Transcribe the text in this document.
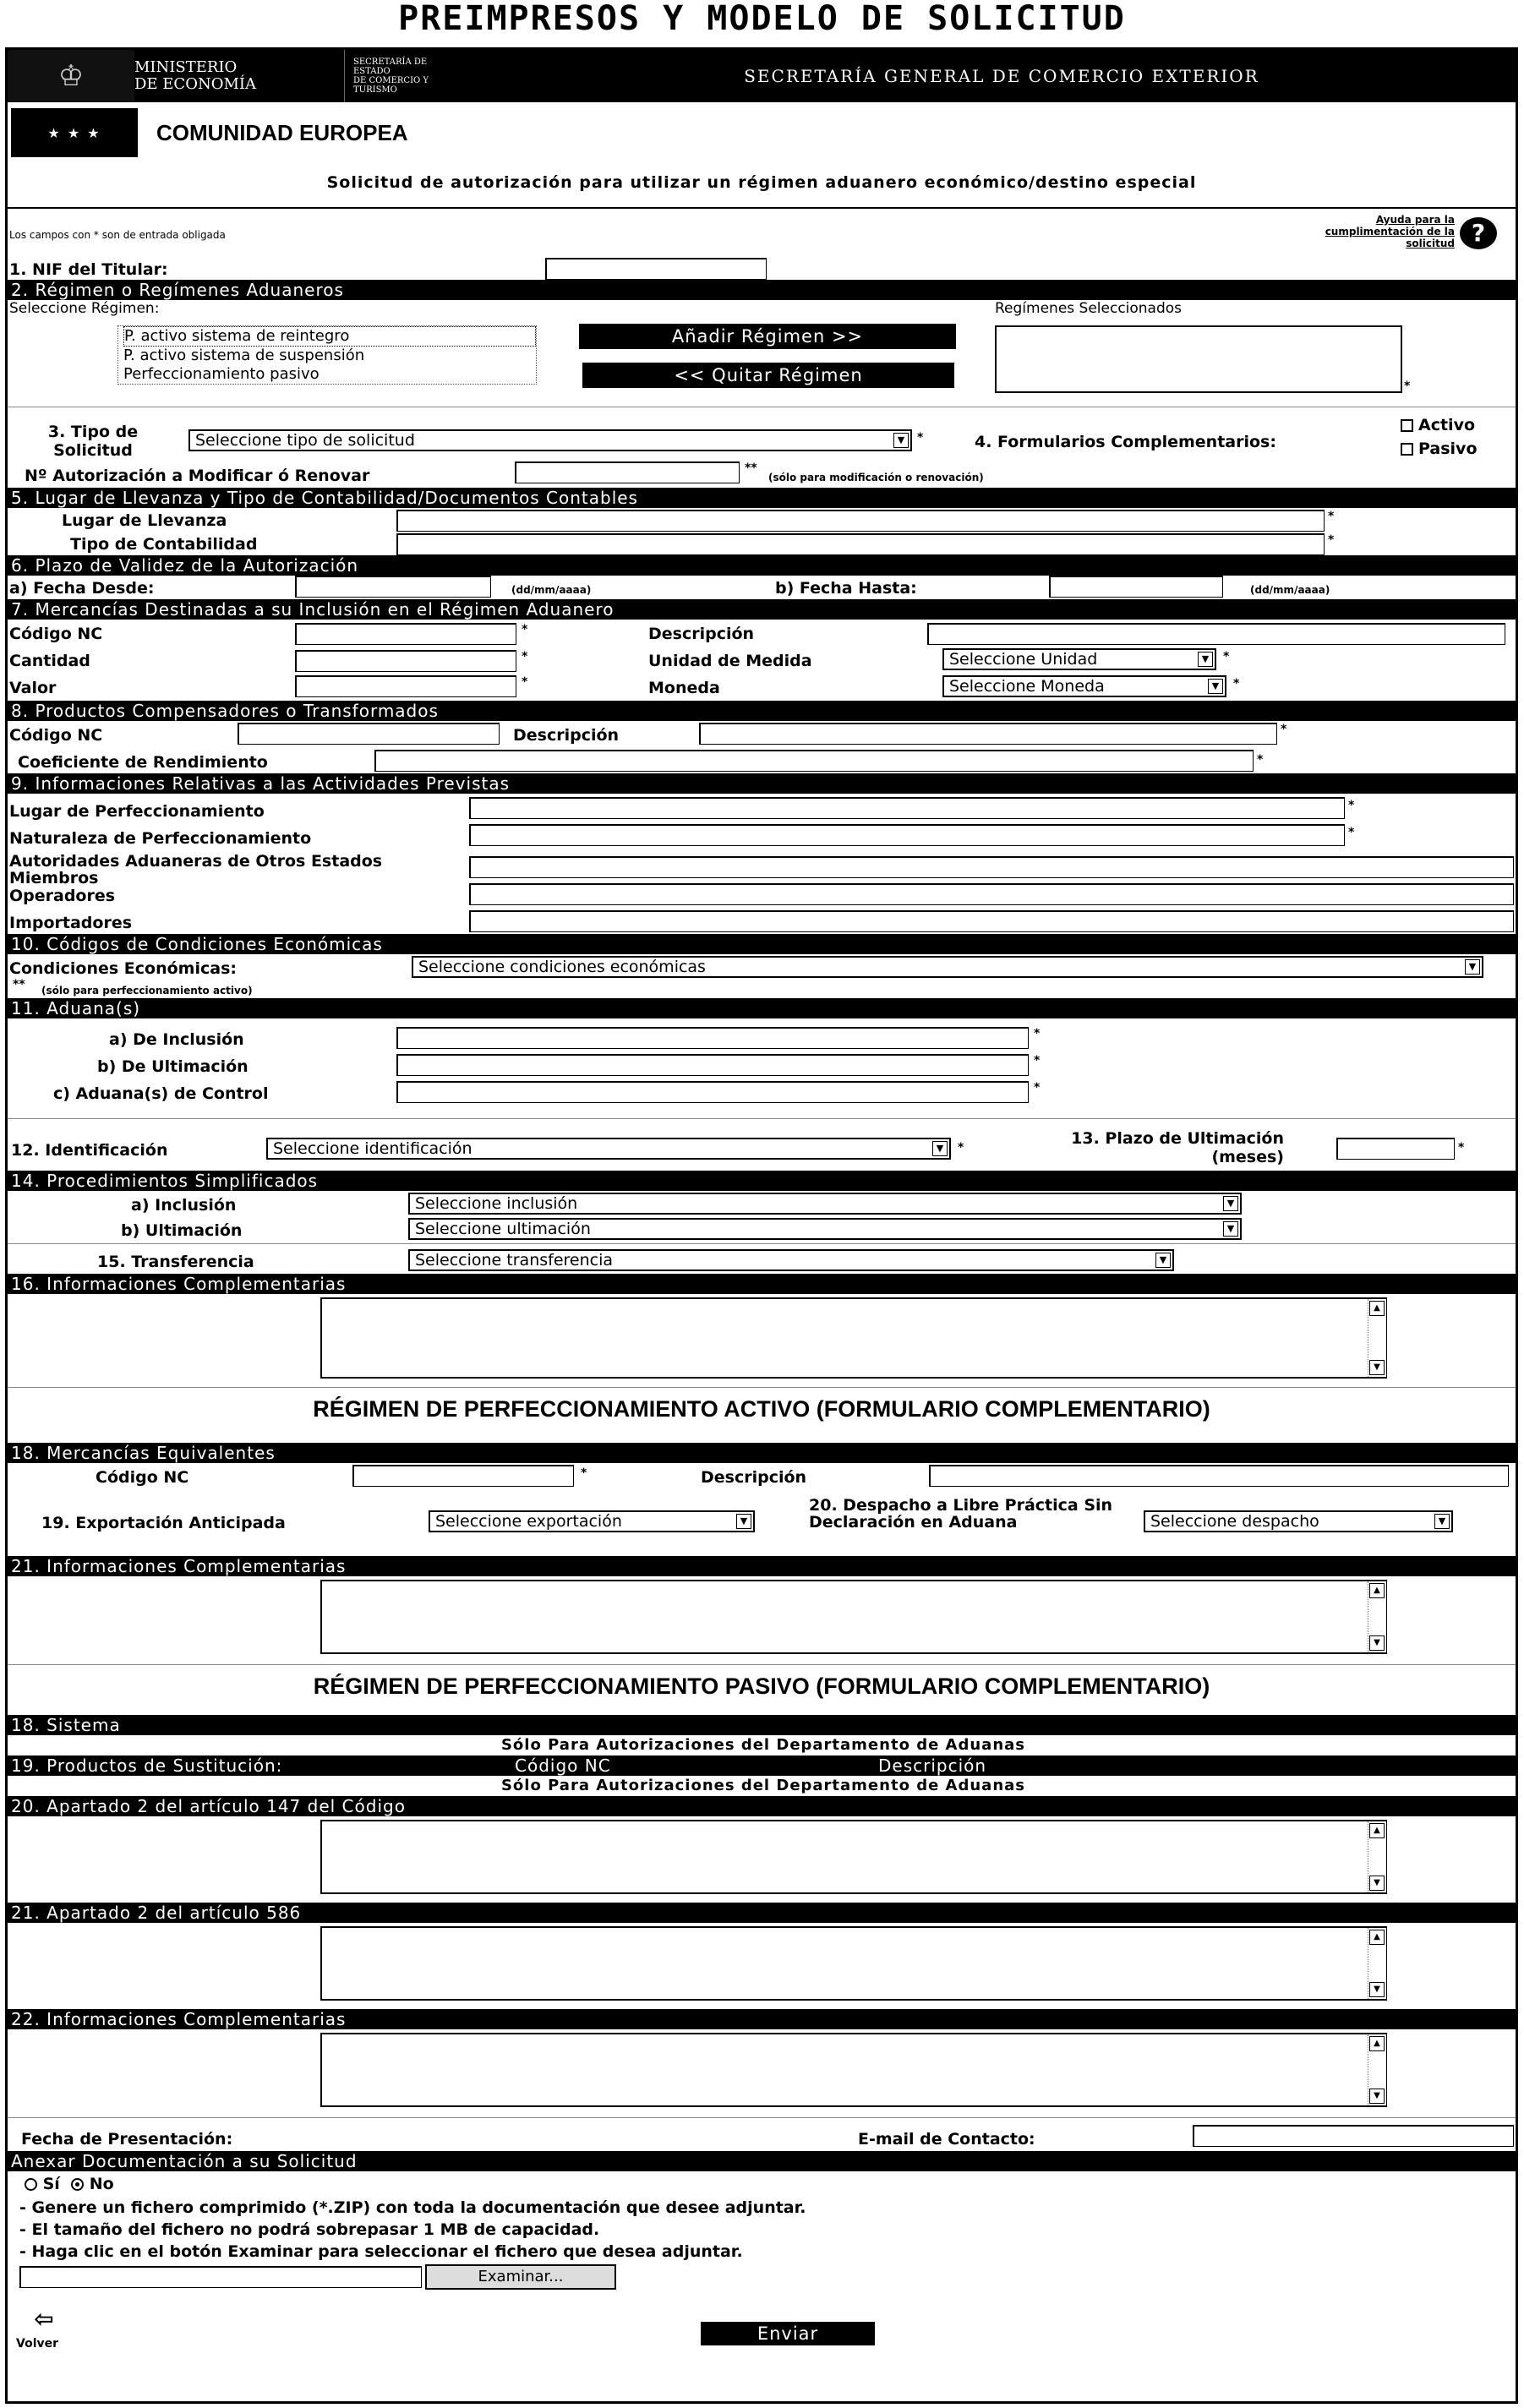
PREIMPRESOS Y MODELO DE SOLICITUD
♔	MINISTERIO
DE ECONOMÍA
SECRETARÍA DE
ESTADO
DE COMERCIO Y
TURISMO
SECRETARÍA GENERAL DE COMERCIO EXTERIOR
★ ★ ★	COMUNIDAD EUROPEA
Solicitud de autorización para utilizar un régimen aduanero económico/destino especial
Los campos con * son de entrada obligada
Ayuda para la cumplimentación de la solicitud ?
1. NIF del Titular:
2. Régimen o Regímenes Aduaneros
Seleccione Régimen:	Regímenes Seleccionados
P. activo sistema de reintegro
P. activo sistema de suspensión
Perfeccionamiento pasivo
Añadir Régimen >>
<< Quitar Régimen
*
3. Tipo de Solicitud
Seleccione tipo de solicitud	▼	*	4. Formularios Complementarios:
Activo
Pasivo
Nº Autorización a Modificar ó Renovar	**
(sólo para modificación o renovación)
5. Lugar de Llevanza y Tipo de Contabilidad/Documentos Contables
Lugar de Llevanza	*
Tipo de Contabilidad	*
6. Plazo de Validez de la Autorización
a) Fecha Desde:	(dd/mm/aaaa)	b) Fecha Hasta:	(dd/mm/aaaa)
7. Mercancías Destinadas a su Inclusión en el Régimen Aduanero
Código NC	*	Descripción
Cantidad	*	Unidad de Medida	Seleccione Unidad	▼	*
Valor	*	Moneda	Seleccione Moneda	▼	*
8. Productos Compensadores o Transformados
Código NC	Descripción	*
Coeficiente de Rendimiento	*
9. Informaciones Relativas a las Actividades Previstas
Lugar de Perfeccionamiento	*
Naturaleza de Perfeccionamiento	*
Autoridades Aduaneras de Otros Estados Miembros
Operadores
Importadores
10. Códigos de Condiciones Económicas
Condiciones Económicas:	Seleccione condiciones económicas	▼
** (sólo para perfeccionamiento activo)
11. Aduana(s)
a) De Inclusión	*
b) De Ultimación	*
c) Aduana(s) de Control	*
12. Identificación	Seleccione identificación	▼	*	13. Plazo de Ultimación
(meses)	*
14. Procedimientos Simplificados
a) Inclusión	Seleccione inclusión	▼
b) Ultimación	Seleccione ultimación	▼
15. Transferencia	Seleccione transferencia	▼
16. Informaciones Complementarias
▲
▼
RÉGIMEN DE PERFECCIONAMIENTO ACTIVO (FORMULARIO COMPLEMENTARIO)
18. Mercancías Equivalentes
Código NC	*	Descripción
19. Exportación Anticipada	Seleccione exportación	▼
20. Despacho a Libre Práctica Sin Declaración en Aduana	Seleccione despacho	▼
21. Informaciones Complementarias
▲
▼
RÉGIMEN DE PERFECCIONAMIENTO PASIVO (FORMULARIO COMPLEMENTARIO)
18. Sistema
Sólo Para Autorizaciones del Departamento de Aduanas
19. Productos de Sustitución:	Código NC	Descripción
Sólo Para Autorizaciones del Departamento de Aduanas
20. Apartado 2 del artículo 147 del Código
▲
▼
21. Apartado 2 del artículo 586
▲
▼
22. Informaciones Complementarias
▲
▼
Fecha de Presentación:	E-mail de Contacto:
Anexar Documentación a su Solicitud
Sí No
- Genere un fichero comprimido (*.ZIP) con toda la documentación que desee adjuntar.
- El tamaño del fichero no podrá sobrepasar 1 MB de capacidad.
- Haga clic en el botón Examinar para seleccionar el fichero que desea adjuntar.
Examinar...
⇦
Volver	Enviar
